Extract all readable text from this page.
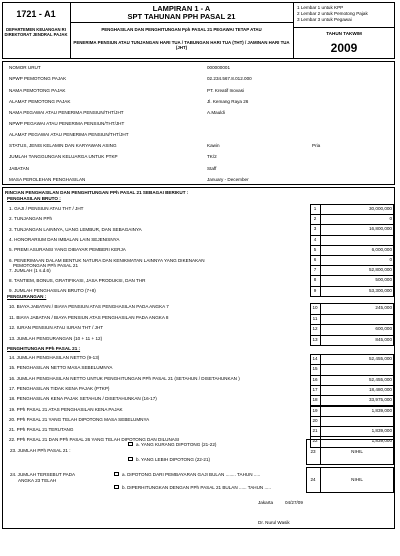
1721 - A1
DEPARTEMEN KEUANGAN RI
DIREKTORAT JENDRAL PAJAK
LAMPIRAN 1 - A
SPT TAHUNAN PPH PASAL 21
PENGHASILAN DAN PENGHITUNGAN Pph PASAL 21 PEGAWAI TETAP ATAU
PENERIMA PENSIUN ATAU TUNJANGAN HARI TUA / TABUNGAN HARI TUA (THT) / JAMINAN HARI TUA (JHT)
1 Lembar 1 untuk KPP
2 Lembar 2 untuk Pemotong Pajak
3 Lembar 3 untuk Pegawai
TAHUN TAKWIM
2009
NOMOR URUT	000000001
NPWP PEMOTONG PAJAK	02.234.567.8.012.000
NAMA PEMOTONG PAJAK	PT. Kreatif Inovasi
ALAMAT PEMOTONG PAJAK	Jl. Kemang Raya 26
NAMA PEGAWAI ATAU PENERIMA PENSIUN/THT/JHT	A.Mauldi
NPWP PEGAWAI ATAU PENERIMA PENSIUN/THT/JHT
ALAMAT PEGAWAI ATAU PENERIMA PENSIUN/THT/JHT
STATUS, JENIS KELAMIN DAN KARYAWAN ASING	Kawin	Pria
JUMLAH TANGGUNGAN KELUARGA UNTUK PTKP	TK/2
JABATAN	Staff
MASA PEROLEHAN PENGHASILAN	January - December
RINCIAN PENGHASILAN DAN PENGHITUNGAN PPh PASAL 21 SEBAGAI BERIKUT :
PENGHASILAN BRUTO :
PENGURANGAN :
PENGHITUNGAN PPh PASAL 21 :
1. GAJI / PENSIUN ATAU THT / JHT	1	30,000,000
2. TUNJANGAN PPh	2	0
3. TUNJANGAN LAINNYA, UANG LEMBUR, DAN SEBAGAINYA	3	16,800,000
4. HONORARIUM DAN IMBALAN LAIN SEJENISNYA	4
5. PREMI ASURANSI YANG DIBAYAR PEMBERI KERJA	5	6,000,000
6. PENERIMAAN DALAM BENTUK NATURA DAN KENIKMATAN LAINNYA YANG DIKENAKAN
PEMOTONGAN PPh PASAL 21
6	0
7. JUMLAH (1 s.d.6)	7	52,800,000
8. TANTIEM, BONUS, GRATIFIKASI, JASA PRODUKSI, DAN THR	8	500,000
9. JUMLAH PENGHASILAN BRUTO (7+8)	9	53,300,000
10. BIAYA JABATAN / BIAYA PENSIUN ATAS PENGHASILAN PADA ANGKA 7	10	245,000
11. BIAYA JABATAN / BIAYA PENSIUN ATAS PENGHASILAN PADA ANGKA 8	11
12. IURAN PENSIUN ATAU IURAN THT / JHT	12	600,000
13. JUMLAH PENGURANGAN (10 + 11 + 12)	13	845,000
14. JUMLAH PENGHASILAN NETTO (9-13)	14	52,455,000
15. PENGHASILAN NETTO MASA SEBELUMNYA	15
16. JUMLAH PENGHASILAN NETTO UNTUK PENGHITUNGAN PPh PASAL 21 (SETAHUN / DISETAHUNKAN )	16	52,455,000
17. PENGHASILAN TIDAK KENA PAJAK (PTKP)	17	18,480,000
18. PENGHASILAN KENA PAJAK SETAHUN / DISETAHUNKAN (16-17)	18	33,975,000
19. PPh PASAL 21 ATAS PENGHASILAN KENA PAJAK	19	1,839,000
20. PPh PASAL 21 YANG TELAH DIPOTONG MASA SEBELUMNYA	20
21. PPh PASAL 21 TERUTANG	21	1,839,000
22. PPh PASAL 21 DAN PPh PASAL 26 YANG TELAH DIPOTONG DAN DILUNASI	22	1,839,000
23. JUMLAH PPh PASAL 21 :
a. YANG KURANG DIPOTONG (21-22)
b. YANG LEBIH DIPOTONG (22-21)
23	NIHIL
24. JUMLAH TERSEBUT PADA
ANGKA 23 TELAH
a. DIPOTONG DARI PEMBAYARAN GAJI BULAN ........ TAHUN .....
b. DIPERHITUNGKAN DENGAN PPh PASAL 21 BULAN ...... TAHUN .....
24	NIHIL
Jakarta	04/27/09
Dr. Nurul Wasik
